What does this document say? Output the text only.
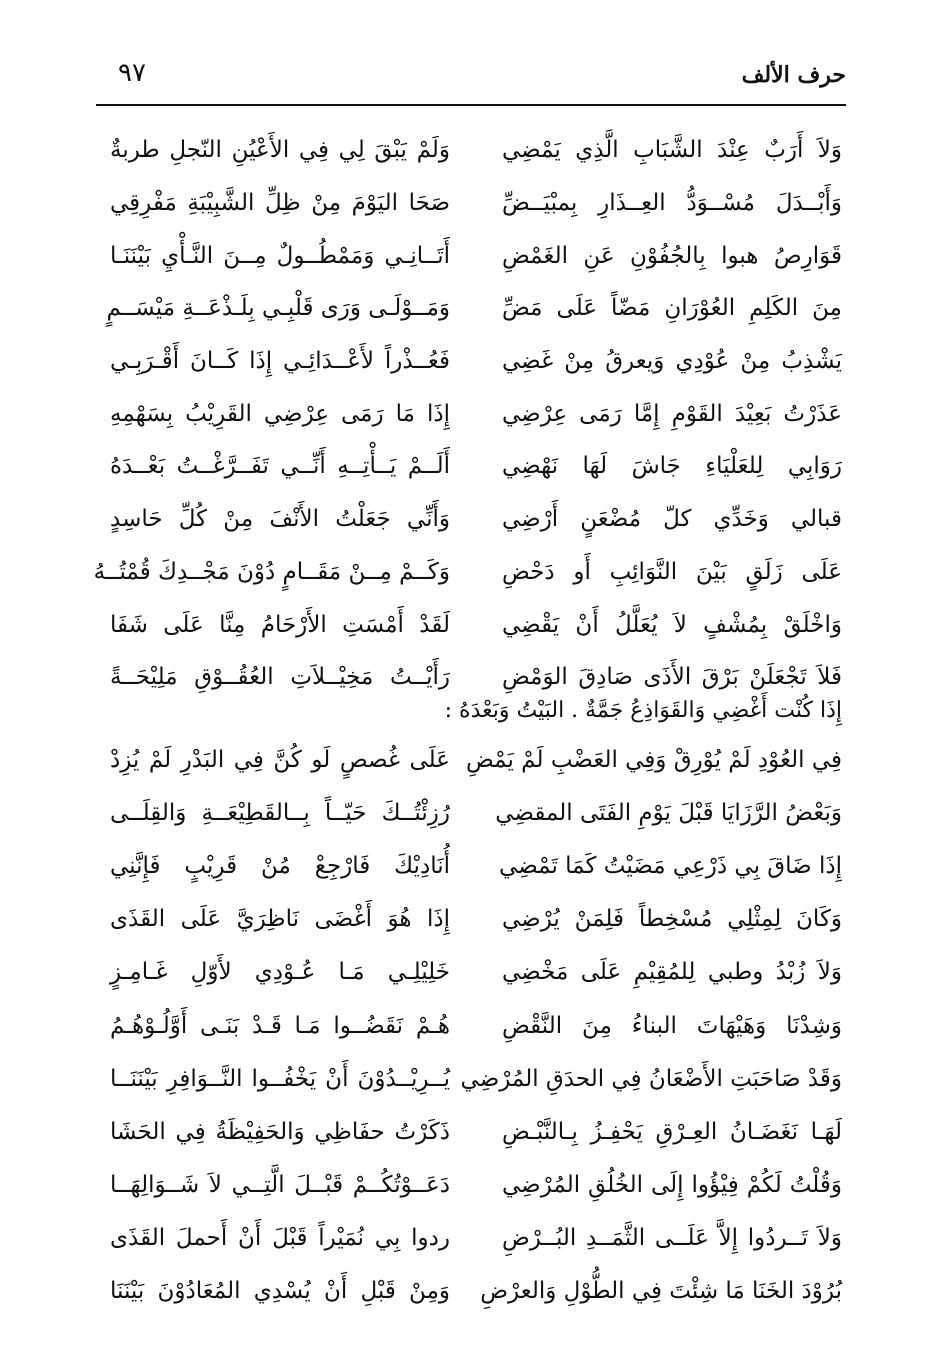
حرف الألف
٩٧
وَلَمْ يَبْقَ لِي فِي الأَعْيُنِ النّجلِ طربةٌ وَلاَ أَرَبٌ عِنْدَ الشَّبَابِ الَّذِي يَمْضِي
صَحَا اليَوْمَ مِنْ ظِلِّ الشَّبِيْبَةِ مَفْرِقِي وَأَبْــدَلَ مُسْــوَدُّ العِــذَارِ بِمبْيَــضِّ
أَتَــانِـي وَمَمْطُــولٌ مِــنَ النَّـأْيِ بَيْنَنَـا قَوَارِصُ هبوا بِالجُفُوْنِ عَنِ الغَمْضِ
وَمَــوْلَـى وَرَى قَلْبِـي بِلَـذْعَــةِ مَيْسَــمٍ مِنَ الكَلِمِ العُوْرَانِ مَضّاً عَلَى مَضِّ
فَعُــذْراً لأَعْــدَائِـي إِذَا كَــانَ أَقْـرَبِـي يَشْذِبُ مِنْ عُوْدِي وَيعرقُ مِنْ غَضِي
إِذَا مَا رَمَى عِرْضِي القَرِيْبُ بِسَهْمِهِ عَذَرْتُ بَعِيْدَ القَوْمِ إِمَّا رَمَى عِرْضِي
أَلَــمْ يَــأْتِــهِ أَنِّــي تَفَــرَّغْــتُ بَعْــدَهُ رَوَابِي لِلعَلْيَاءِ جَاشَ لَهَا نَهْضِي
وَأَنِّي جَعَلْتُ الأَنْفَ مِنْ كُلِّ حَاسِدٍ قبالي وَخَدِّي كلّ مُضْعَنٍ أَرْضِي
وَكَــمْ مِــنْ مَقَــامٍ دُوْنَ مَجْــدِكَ قُمْتُــهُ عَلَى زَلَقٍ بَيْنَ النَّوَائِبِ أَو دَحْضِ
لَقَدْ أَمْسَتِ الأَرْحَامُ مِنَّا عَلَى شَفَا وَاخْلَقْ بِمُشْفٍ لاَ يُعَلَّلُ أَنْ يَقْضِي
رَأَيْــتُ مَخِيْــلاَتِ العُقُــوْقِ مَلِيْحَــةً فَلاَ تَجْعَلَنْ بَرْقَ الأَذَى صَادِقَ الوَمْضِ
إِذَا كُنْت أَغْضِي وَالقَوَاذِعُ جَمَّةٌ . البَيْتُ وَبَعْدَهُ :
عَلَى غُصصٍ لَو كُنَّ فِي البَدْرِ لَمْ يُزِدْ فِي العُوْدِ لَمْ يُوْرِقْ وَفِي العَضْبِ لَمْ يَمْضِ
رُزِئْتُــكَ حَيّــاً بِــالقَطِيْعَــةِ وَالقِلَــى وَبَعْضُ الرَّزَايَا قَبْلَ يَوْمِ الفَتَى المقضِي
أُنَادِيْكَ فَارْجِعْ مُنْ قَرِيْبٍ فَإِنَّنِي إِذَا ضَاقَ بِي ذَرْعِي مَضَيْتُ كَمَا تَمْضِي
إِذَا هُوَ أَغْضَى نَاظِرَيَّ عَلَى القَذَى وَكَانَ لِمِثْلِي مُسْخِطاً فَلِمَنْ يُرْضِي
خَلِيْلِـي مَـا عُـوْدِي لأَوّلِ غَـامِـزٍ وَلاَ زُبْدُ وطبي لِلمُقِيْمِ عَلَى مَخْضِي
هُـمْ نَقَضُــوا مَـا قَـدْ بَنَـى أَوَّلُـوْهُـمُ وَشِدْنَا وَهَيْهَاتَ البناءُ مِنَ النَّقْضِ
يُــرِيْــدُوْنَ أَنْ يَخْفُــوا النَّــوَافِرِ بَيْنَنَــا وَقَدْ صَاحَبَتِ الأَضْعَانُ فِي الحدَقِ المُرْضِي
ذَكَرْتُ حفَاظِي وَالحَفِيْظَةُ فِي الحَشَا لَهَـا نَغَضَـانُ العِـرْقِ يَحْفِـزُ بِـالنَّبْـضِ
دَعَــوْتُكُــمْ قَبْــلَ الَّتِــي لاَ شَــوَالِهَــا وَقُلْتُ لَكُمْ فِيْؤُوا إِلَى الخُلُقِ المُرْضِي
ردوا بِي نُمَيْراً قَبْلَ أَنْ أَحملَ القَذَى وَلاَ تَــردُوا إِلاَّ عَلَــى الثَّمَــدِ البُــرْضِ
وَمِنْ قَبْلِ أَنْ يُسْدِي المُعَادُوْنَ بَيْنَنَا بُرُوْدَ الخَنَا مَا شِئْتَ فِي الطُّوْلِ وَالعرْضِ
